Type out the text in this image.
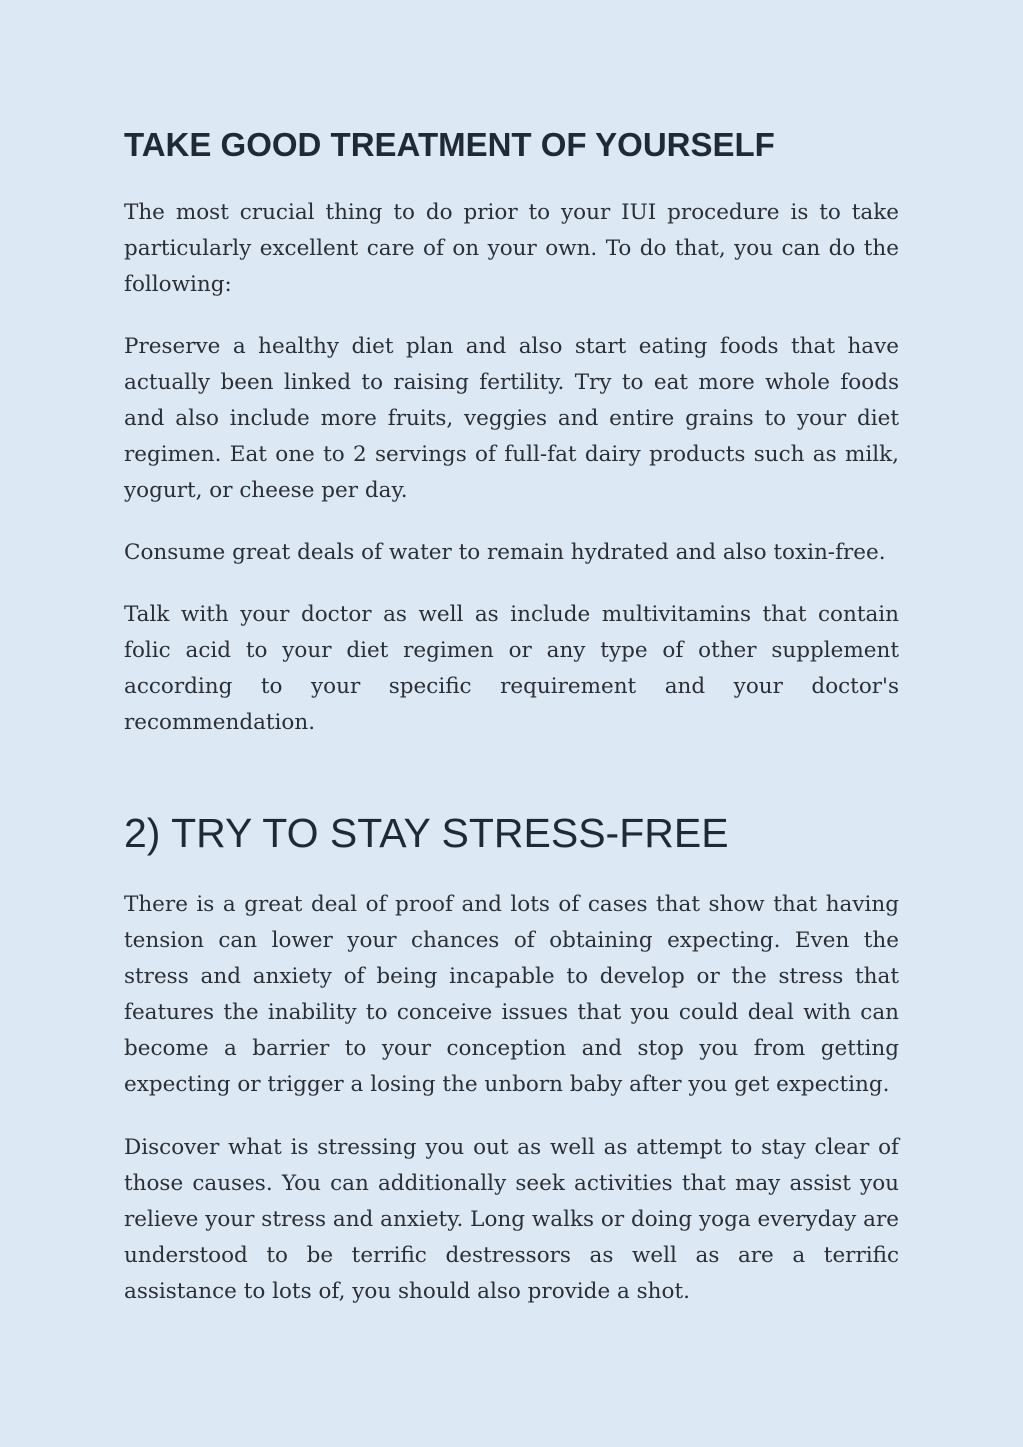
TAKE GOOD TREATMENT OF YOURSELF

The most crucial thing to do prior to your IUI procedure is to take particularly excellent care of on your own. To do that, you can do the following:

Preserve a healthy diet plan and also start eating foods that have actually been linked to raising fertility. Try to eat more whole foods and also include more fruits, veggies and entire grains to your diet regimen. Eat one to 2 servings of full-fat dairy products such as milk, yogurt, or cheese per day.

Consume great deals of water to remain hydrated and also toxin-free.

Talk with your doctor as well as include multivitamins that contain folic acid to your diet regimen or any type of other supplement according to your specific requirement and your doctor's recommendation.

2) TRY TO STAY STRESS-FREE

There is a great deal of proof and lots of cases that show that having tension can lower your chances of obtaining expecting. Even the stress and anxiety of being incapable to develop or the stress that features the inability to conceive issues that you could deal with can become a barrier to your conception and stop you from getting expecting or trigger a losing the unborn baby after you get expecting.

Discover what is stressing you out as well as attempt to stay clear of those causes. You can additionally seek activities that may assist you relieve your stress and anxiety. Long walks or doing yoga everyday are understood to be terrific destressors as well as are a terrific assistance to lots of, you should also provide a shot.
